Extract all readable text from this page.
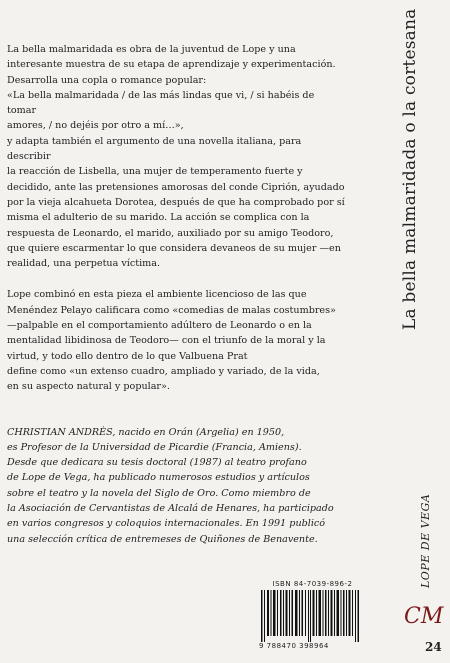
La bella malmaridada es obra de la juventud de Lope y una

interesante muestra de su etapa de aprendizaje y experimentación.

Desarrolla una copla o romance popular:

«La bella malmaridada / de las más lindas que vi, / si habéis de tomar

amores, / no dejéis por otro a mí…»,

y adapta también el argumento de una novella italiana, para describir

la reacción de Lisbella, una mujer de temperamento fuerte y

decidido, ante las pretensiones amorosas del conde Ciprión, ayudado

por la vieja alcahueta Dorotea, después de que ha comprobado por sí

misma el adulterio de su marido. La acción se complica con la

respuesta de Leonardo, el marido, auxiliado por su amigo Teodoro,

que quiere escarmentar lo que considera devaneos de su mujer —en

realidad, una perpetua víctima.

Lope combinó en esta pieza el ambiente licencioso de las que

Menéndez Pelayo calificara como «comedias de malas costumbres»

—palpable en el comportamiento adúltero de Leonardo o en la

mentalidad libidinosa de Teodoro— con el triunfo de la moral y la

virtud, y todo ello dentro de lo que Valbuena Prat

define como «un extenso cuadro, ampliado y variado, de la vida,

en su aspecto natural y popular».

CHRISTIAN ANDRÈS, nacido en Orán (Argelia) en 1950,

es Profesor de la Universidad de Picardie (Francia, Amiens).

Desde que dedicara su tesis doctoral (1987) al teatro profano

de Lope de Vega, ha publicado numerosos estudios y artículos

sobre el teatro y la novela del Siglo de Oro. Como miembro de

la Asociación de Cervantistas de Alcalá de Henares, ha participado

en varios congresos y coloquios internacionales. En 1991 publicó

una selección crítica de entremeses de Quiñones de Benavente.

La bella malmaridada o la cortesana
LOPE DE VEGA
ISBN 84-7039-896-2
9 788470 398964
CM
24
